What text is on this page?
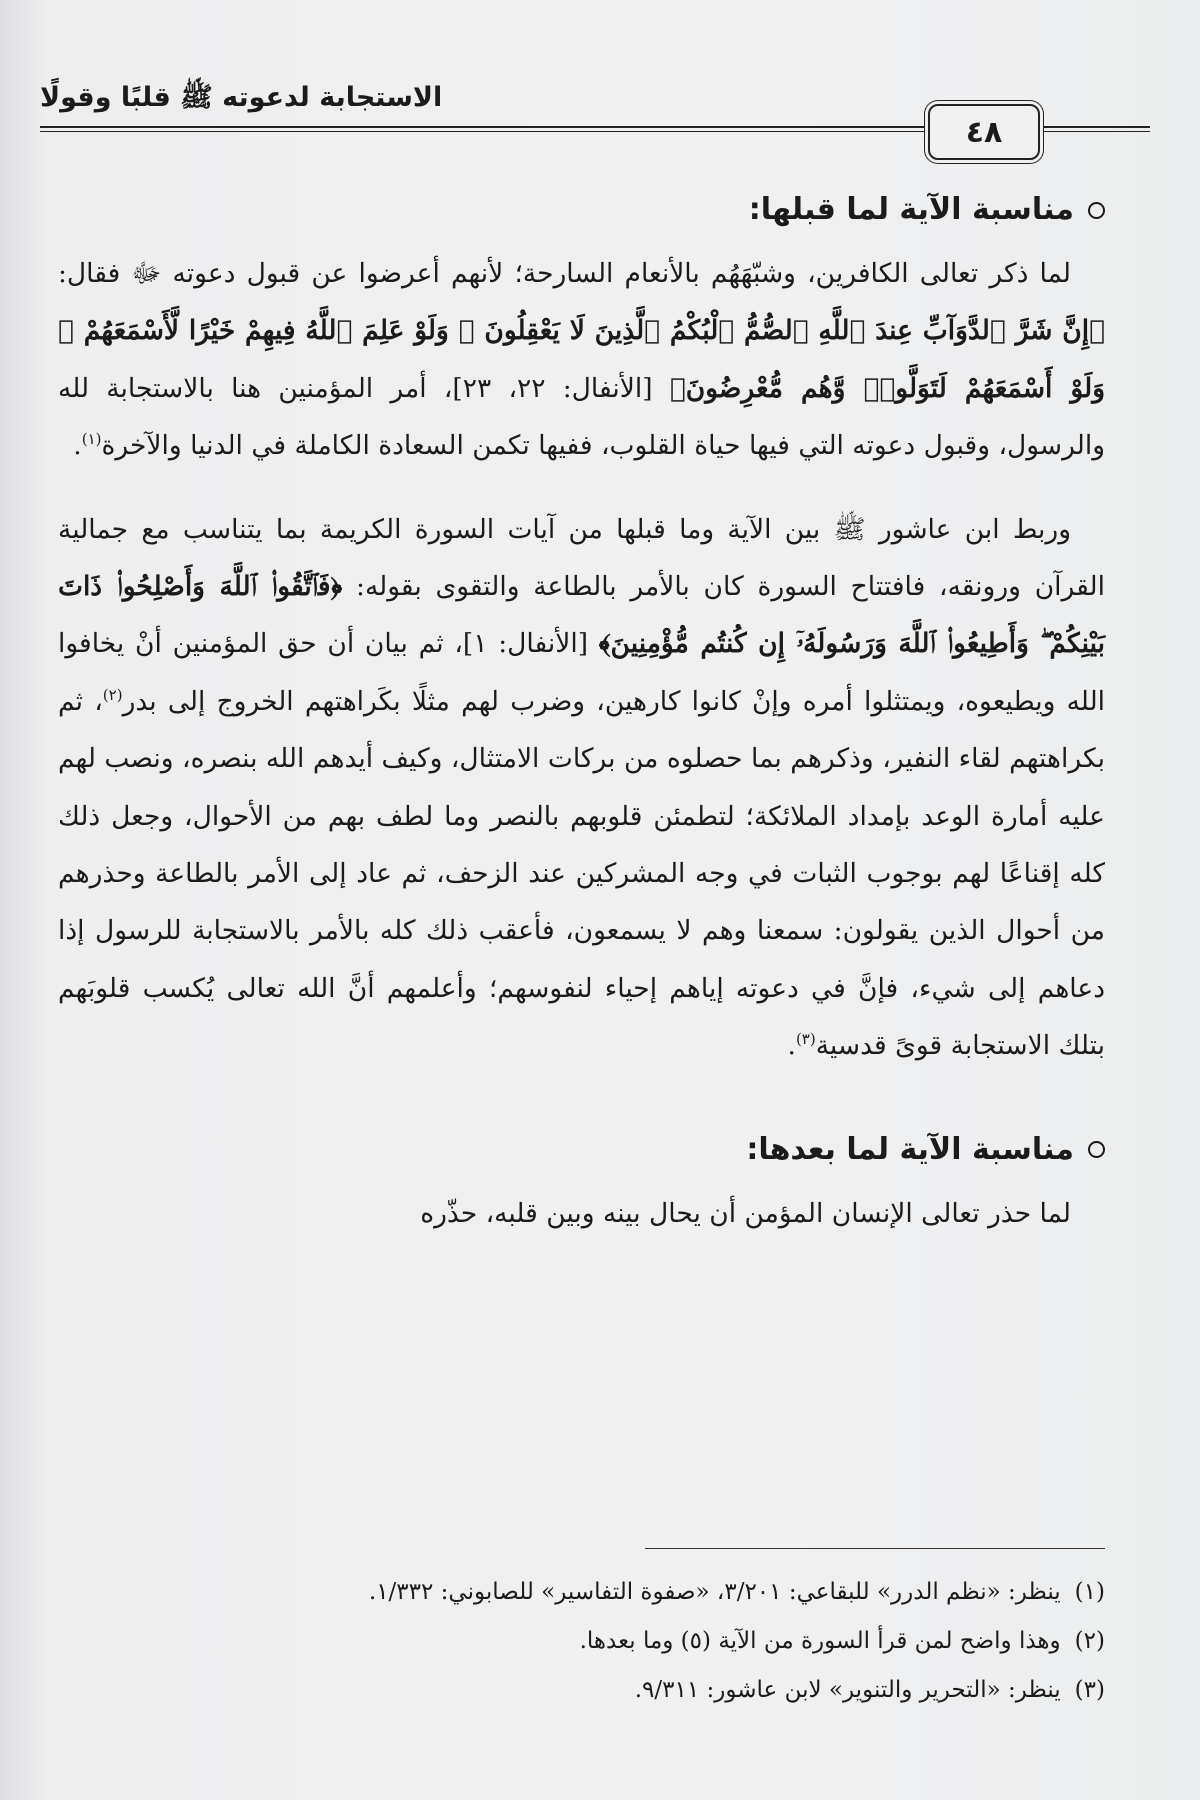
الاستجابة لدعوته ﷺ قلبًا وقولًا
٤٨
مناسبة الآية لما قبلها:

لما ذكر تعالى الكافرين، وشبّهَهُم بالأنعام السارحة؛ لأنهم أعرضوا عن قبول دعوته ﷻ فقال: ﴿إِنَّ شَرَّ ٱلدَّوَآبِّ عِندَ ٱللَّهِ ٱلصُّمُّ ٱلْبُكْمُ ٱلَّذِينَ لَا يَعْقِلُونَ ۞ وَلَوْ عَلِمَ ٱللَّهُ فِيهِمْ خَيْرًا لَّأَسْمَعَهُمْ ۖ وَلَوْ أَسْمَعَهُمْ لَتَوَلَّوا۟ وَّهُم مُّعْرِضُونَ﴾ [الأنفال: ٢٢، ٢٣]، أمر المؤمنين هنا بالاستجابة لله والرسول، وقبول دعوته التي فيها حياة القلوب، ففيها تكمن السعادة الكاملة في الدنيا والآخرة$^{(١)}$.

وربط ابن عاشور ﷺ بين الآية وما قبلها من آيات السورة الكريمة بما يتناسب مع جمالية القرآن ورونقه، فافتتاح السورة كان بالأمر بالطاعة والتقوى بقوله: ﴿فَٱتَّقُوا۟ ٱللَّهَ وَأَصْلِحُوا۟ ذَاتَ بَيْنِكُمْ ۖ وَأَطِيعُوا۟ ٱللَّهَ وَرَسُولَهُۥٓ إِن كُنتُم مُّؤْمِنِينَ﴾ [الأنفال: ١]، ثم بيان أن حق المؤمنين أنْ يخافوا الله ويطيعوه، ويمتثلوا أمره وإنْ كانوا كارهين، وضرب لهم مثلًا بكَراهتهم الخروج إلى بدر$^{(٢)}$، ثم بكراهتهم لقاء النفير، وذكرهم بما حصلوه من بركات الامتثال، وكيف أيدهم الله بنصره، ونصب لهم عليه أمارة الوعد بإمداد الملائكة؛ لتطمئن قلوبهم بالنصر وما لطف بهم من الأحوال، وجعل ذلك كله إقناعًا لهم بوجوب الثبات في وجه المشركين عند الزحف، ثم عاد إلى الأمر بالطاعة وحذرهم من أحوال الذين يقولون: سمعنا وهم لا يسمعون، فأعقب ذلك كله بالأمر بالاستجابة للرسول إذا دعاهم إلى شيء، فإنَّ في دعوته إياهم إحياء لنفوسهم؛ وأعلمهم أنَّ الله تعالى يُكسب قلوبَهم بتلك الاستجابة قوىً قدسية$^{(٣)}$.

مناسبة الآية لما بعدها:

لما حذر تعالى الإنسان المؤمن أن يحال بينه وبين قلبه، حذّره

(١)ينظر: «نظم الدرر» للبقاعي: ٣/٢٠١، «صفوة التفاسير» للصابوني: ١/٣٣٢.

(٢)وهذا واضح لمن قرأ السورة من الآية (٥) وما بعدها.

(٣)ينظر: «التحرير والتنوير» لابن عاشور: ٩/٣١١.
